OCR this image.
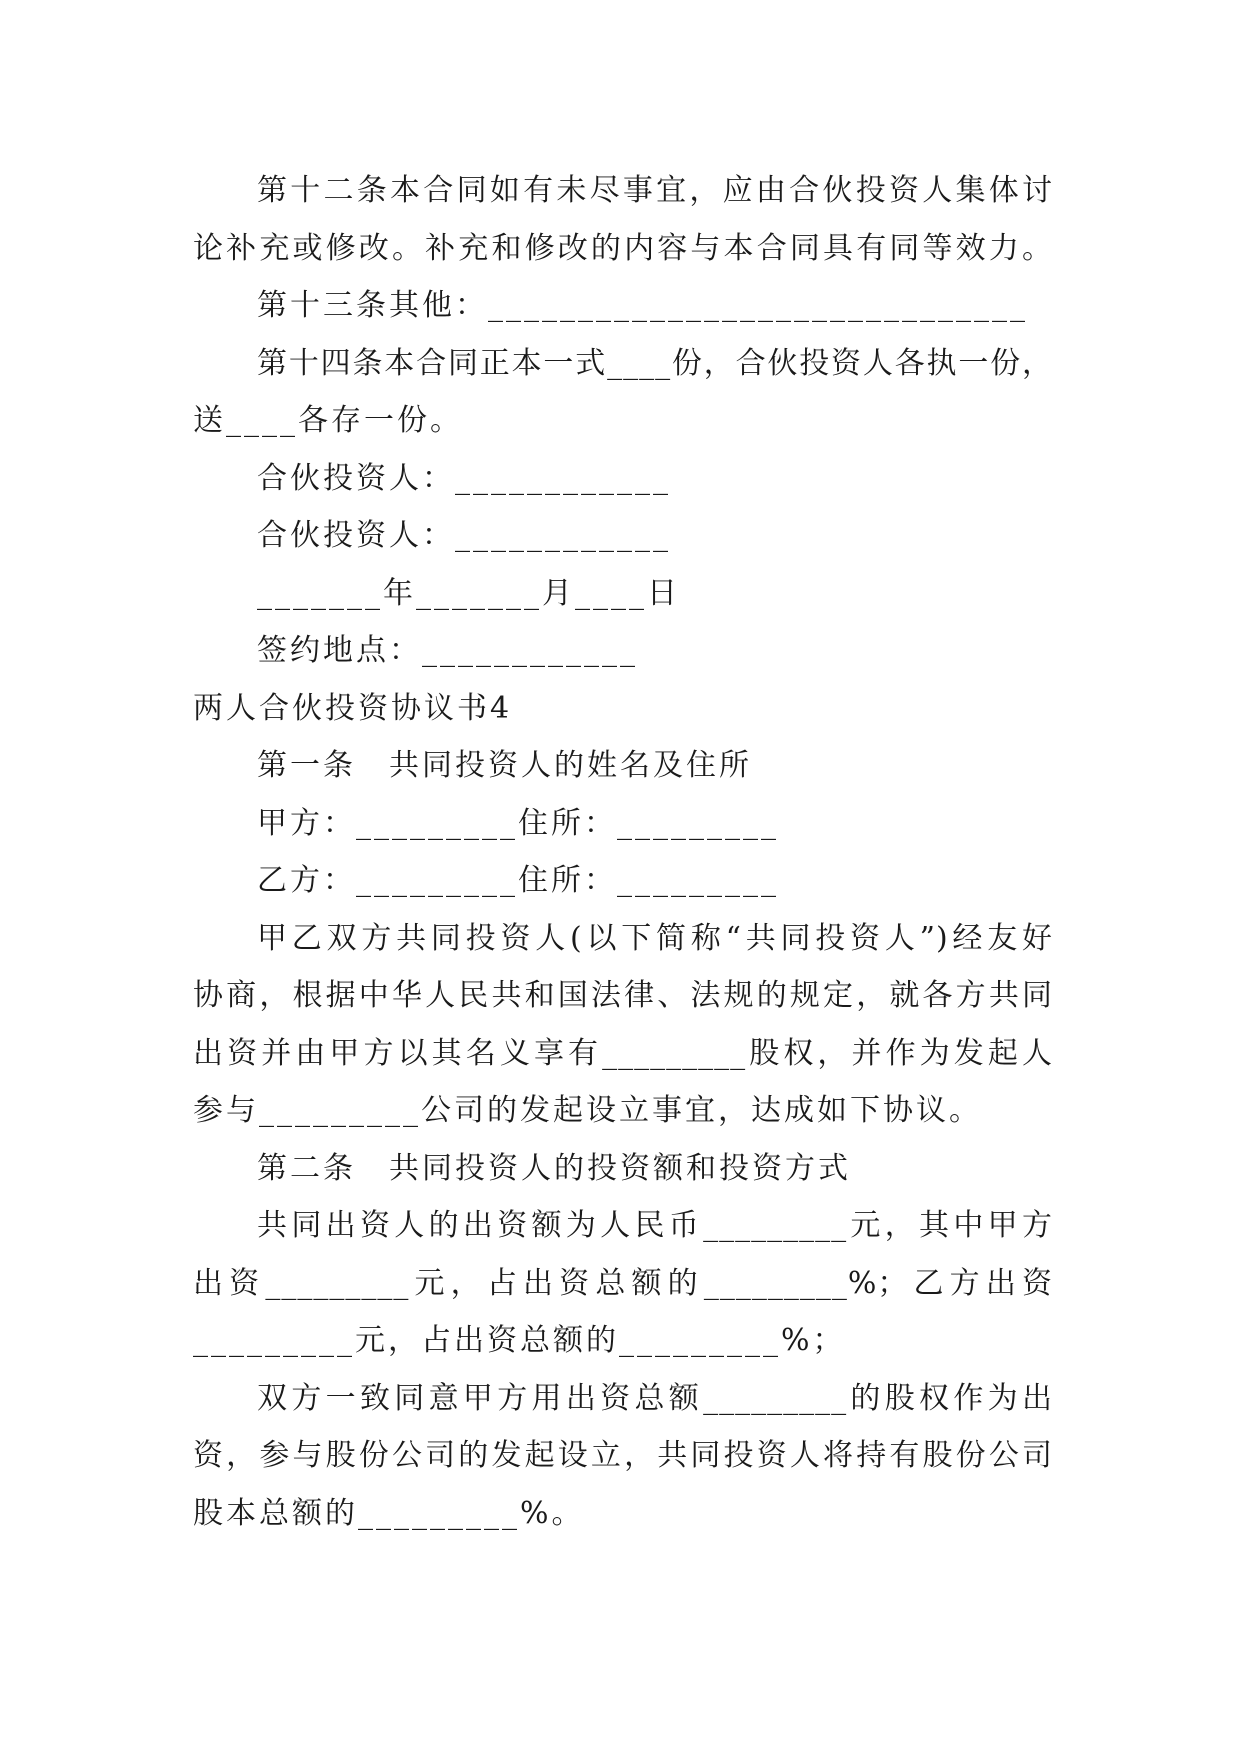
第十二条本合同如有未尽事宜，应由合伙投资人集体讨
论补充或修改。补充和修改的内容与本合同具有同等效力。
第十三条其他：______________________________
第十四条本合同正本一式____份，合伙投资人各执一份，
送____各存一份。
合伙投资人：____________
合伙投资人：____________
_______年_______月____日
签约地点：____________
两人合伙投资协议书4
第一条　共同投资人的姓名及住所
甲方：_________住所：_________
乙方：_________住所：_________
甲乙双方共同投资人(以下简称“共同投资人”)经友好
协商，根据中华人民共和国法律、法规的规定，就各方共同
出资并由甲方以其名义享有_________股权，并作为发起人
参与_________公司的发起设立事宜，达成如下协议。
第二条　共同投资人的投资额和投资方式
共同出资人的出资额为人民币_________元，其中甲方
出资_________元，占出资总额的_________%；乙方出资
_________元，占出资总额的_________%；
双方一致同意甲方用出资总额_________的股权作为出
资，参与股份公司的发起设立，共同投资人将持有股份公司
股本总额的_________%。
